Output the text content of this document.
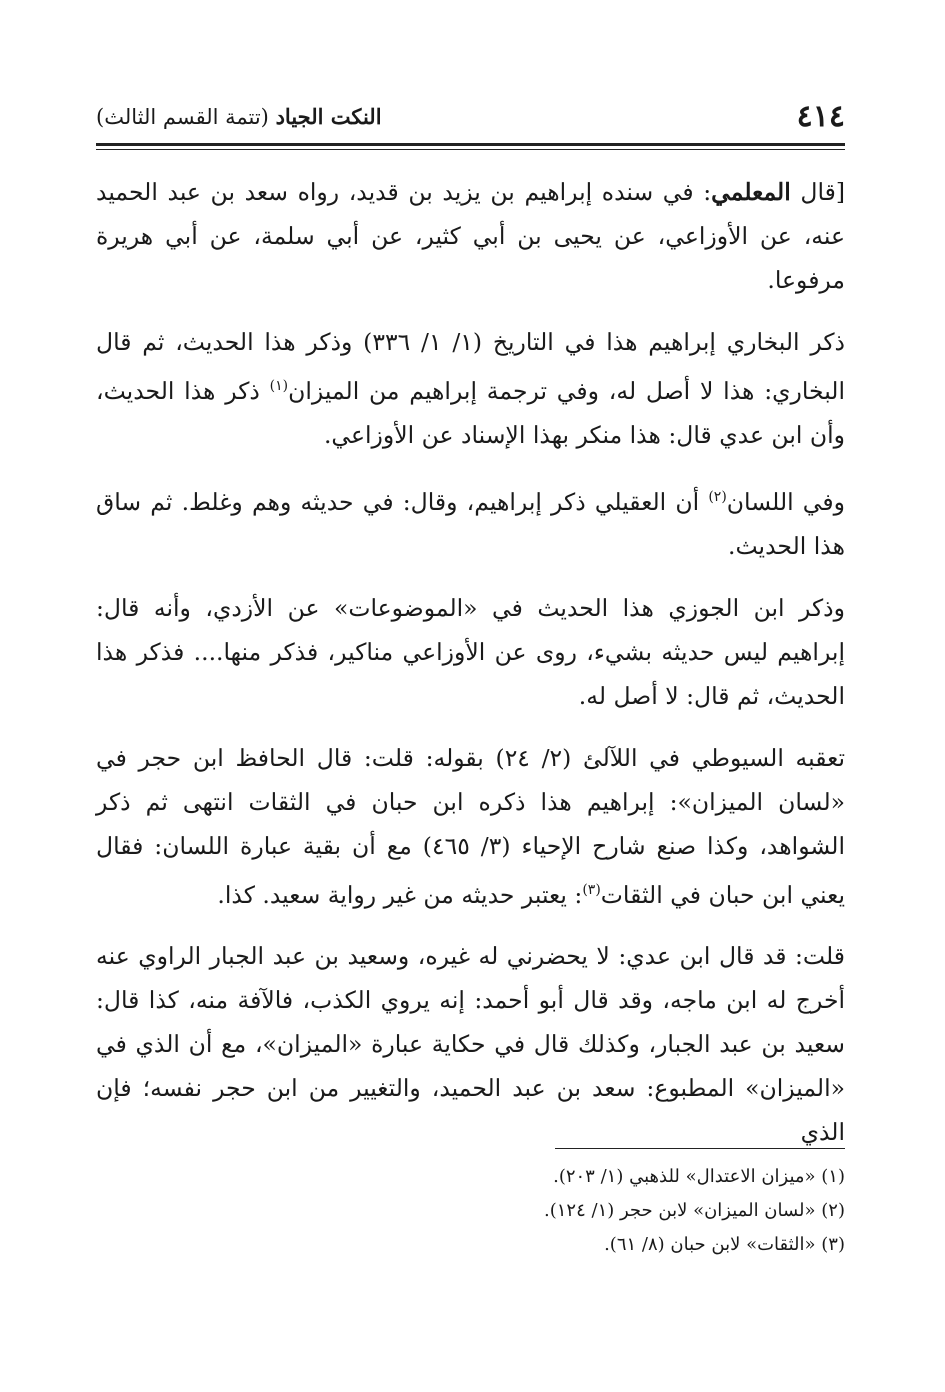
٤١٤
النكت الجياد (تتمة القسم الثالث)

[قال المعلمي: في سنده إبراهيم بن يزيد بن قديد، رواه سعد بن عبد الحميد عنه، عن الأوزاعي، عن يحيى بن أبي كثير، عن أبي سلمة، عن أبي هريرة مرفوعا.

ذكر البخاري إبراهيم هذا في التاريخ (١/ ١/ ٣٣٦) وذكر هذا الحديث، ثم قال البخاري: هذا لا أصل له، وفي ترجمة إبراهيم من الميزان$^{(١)}$ ذكر هذا الحديث، وأن ابن عدي قال: هذا منكر بهذا الإسناد عن الأوزاعي.

وفي اللسان$^{(٢)}$ أن العقيلي ذكر إبراهيم، وقال: في حديثه وهم وغلط. ثم ساق هذا الحديث.

وذكر ابن الجوزي هذا الحديث في «الموضوعات» عن الأزدي، وأنه قال: إبراهيم ليس حديثه بشيء، روى عن الأوزاعي مناكير، فذكر منها.... فذكر هذا الحديث، ثم قال: لا أصل له.

تعقبه السيوطي في اللآلئ (٢/ ٢٤) بقوله: قلت: قال الحافظ ابن حجر في «لسان الميزان»: إبراهيم هذا ذكره ابن حبان في الثقات انتهى ثم ذكر الشواهد، وكذا صنع شارح الإحياء (٣/ ٤٦٥) مع أن بقية عبارة اللسان: فقال يعني ابن حبان في الثقات$^{(٣)}$: يعتبر حديثه من غير رواية سعيد. كذا.

قلت: قد قال ابن عدي: لا يحضرني له غيره، وسعيد بن عبد الجبار الراوي عنه أخرج له ابن ماجه، وقد قال أبو أحمد: إنه يروي الكذب، فالآفة منه، كذا قال: سعيد بن عبد الجبار، وكذلك قال في حكاية عبارة «الميزان»، مع أن الذي في «الميزان» المطبوع: سعد بن عبد الحميد، والتغيير من ابن حجر نفسه؛ فإن الذي

(١) «ميزان الاعتدال» للذهبي (١/ ٢٠٣).
(٢) «لسان الميزان» لابن حجر (١/ ١٢٤).
(٣) «الثقات» لابن حبان (٨/ ٦١).
